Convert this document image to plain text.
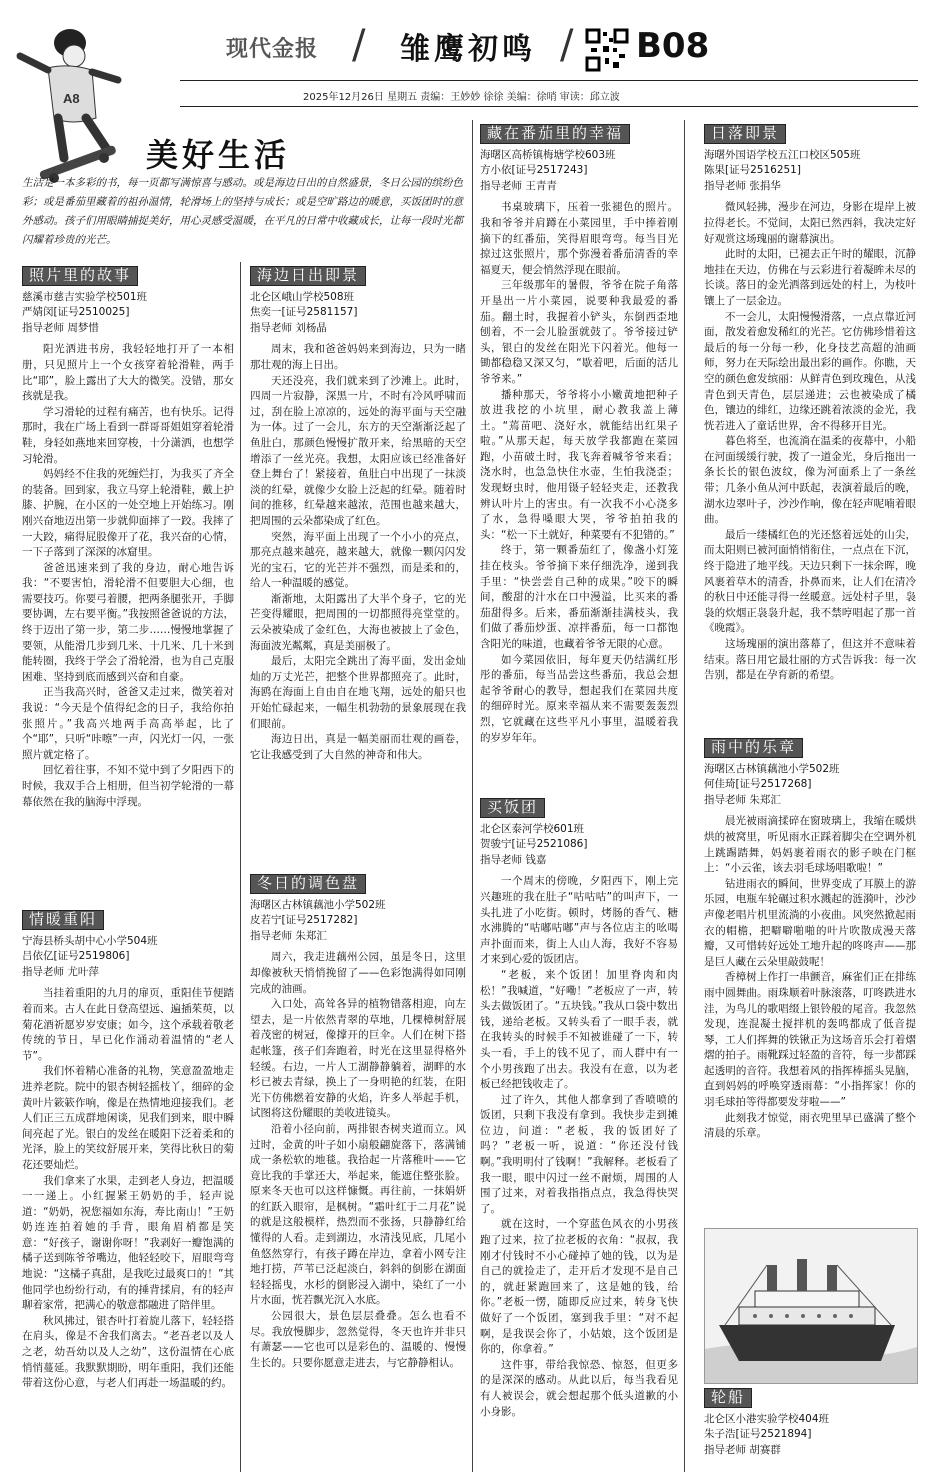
A8
现代金报 / 雏鹰初鸣 / B08
2025年12月26日 星期五 责编：王妙妙 徐徐 美编：徐哨 审读：邱立波
美好生活
生活是一本多彩的书，每一页都写满惊喜与感动。或是海边日出的自然盛景，冬日公园的缤纷色彩；或是番茄里藏着的祖孙温情，轮滑场上的坚持与成长；或是空旷路边的暖意，买饭团时的意外感动。孩子们用眼睛捕捉美好，用心灵感受温暖，在平凡的日常中收藏成长，让每一段时光都闪耀着珍贵的光芒。
照片里的故事
慈溪市慈吉实验学校501班
严婧闵[证号2510025]
指导老师 周梦惜

阳光洒进书房，我轻轻地打开了一本相册，只见照片上一个女孩穿着轮滑鞋，两手比“耶”，脸上露出了大大的微笑。没错，那女孩就是我。

学习滑轮的过程有痛苦，也有快乐。记得那时，我在广场上看到一群哥哥姐姐穿着轮滑鞋，身轻如燕地来回穿梭，十分潇洒，也想学习轮滑。

妈妈经不住我的死缠烂打，为我买了齐全的装备。回到家，我立马穿上轮滑鞋，戴上护膝、护腕，在小区的一处空地上开始练习。刚刚兴奋地迈出第一步就仰面摔了一跤。我摔了一大跤，痛得屁股像开了花，我兴奋的心情，一下子落到了深深的冰窟里。

爸爸迅速来到了我的身边，耐心地告诉我：“不要害怕，滑轮滑不但要胆大心细，也需要技巧。你要弓着腰，把两条腿张开，手脚要协调，左右要平衡。”我按照爸爸说的方法，终于迈出了第一步，第二步……慢慢地掌握了要领，从能滑几步到几米、十几米、几十米到能转圈，我终于学会了滑轮滑，也为自己克服困难、坚持到底而感到兴奋和自豪。

正当我高兴时，爸爸又走过来，微笑着对我说：“今天是个值得纪念的日子，我给你拍张照片。”我高兴地两手高高举起，比了个“耶”，只听“咔嚓”一声，闪光灯一闪，一张照片就定格了。

回忆着往事，不知不觉中到了夕阳西下的时候，我双手合上相册，但当初学轮滑的一幕幕依然在我的脑海中浮现。

情暖重阳
宁海县桥头胡中心小学504班
吕依亿[证号2519806]
指导老师 尤叶萍

当挂着重阳的九月的扉页，重阳佳节便踏着而来。古人在此日登高望远、遍插茱萸，以菊花酒祈愿岁岁安康；如今，这个承载着敬老传统的节日，早已化作涌动着温情的“老人节”。

我们怀着精心准备的礼物，笑意盈盈地走进养老院。院中的银杏树轻摇枝丫，细碎的金黄叶片簌簌作响，像是在热情地迎接我们。老人们正三五成群地闲谈，见我们到来，眼中瞬间亮起了光。银白的发丝在暖阳下泛着柔和的光泽，脸上的笑纹舒展开来，笑得比秋日的菊花还要灿烂。

我们拿来了水果，走到老人身边，把温暖一一递上。小红握紧王奶奶的手，轻声说道：“奶奶，祝您福如东海，寿比南山！”王奶奶连连拍着她的手背，眼角眉梢都是笑意：“好孩子，谢谢你呀！”我剥好一瓣饱满的橘子送到陈爷爷嘴边，他轻轻咬下，眉眼弯弯地说：“这橘子真甜，是我吃过最爽口的！”其他同学也纷纷行动，有的捶背揉肩，有的轻声聊着家常，把满心的敬意都融进了陪伴里。

秋风拂过，银杏叶打着旋儿落下，轻轻搭在肩头，像是不舍我们离去。“老吾老以及人之老，幼吾幼以及人之幼”，这份温情在心底悄悄蔓延。我默默期盼，明年重阳，我们还能带着这份心意，与老人们再赴一场温暖的约。

海边日出即景
北仑区峨山学校508班
焦奕一[证号2581157]
指导老师 刘杨晶

周末，我和爸爸妈妈来到海边，只为一睹那壮观的海上日出。

天还没亮，我们就来到了沙滩上。此时，四周一片寂静，深黑一片，不时有冷风呼啸而过，刮在脸上凉凉的，远处的海平面与天空融为一体。过了一会儿，东方的天空渐渐泛起了鱼肚白，那颜色慢慢扩散开来，给黑暗的天空增添了一丝光亮。我想，太阳应该已经准备好登上舞台了！紧接着，鱼肚白中出现了一抹淡淡的红晕，就像少女脸上泛起的红晕。随着时间的推移，红晕越来越浓，范围也越来越大，把周围的云朵都染成了红色。

突然，海平面上出现了一个小小的亮点，那亮点越来越亮，越来越大，就像一颗闪闪发光的宝石，它的光芒并不强烈，而是柔和的，给人一种温暖的感觉。

渐渐地，太阳露出了大半个身子，它的光芒变得耀眼，把周围的一切都照得亮堂堂的。云朵被染成了金红色，大海也被披上了金色，海面波光粼粼，真是美丽极了。

最后，太阳完全跳出了海平面，发出金灿灿的万丈光芒，把整个世界都照亮了。此时，海鸥在海面上自由自在地飞翔，远处的船只也开始忙碌起来，一幅生机勃勃的景象展现在我们眼前。

海边日出，真是一幅美丽而壮观的画卷，它让我感受到了大自然的神奇和伟大。

冬日的调色盘
海曙区古林镇藕池小学502班
皮若宁[证号2517282]
指导老师 朱郑汇

周六，我走进藕州公园，虽是冬日，这里却像被秋天悄悄挽留了——色彩饱满得如同刚完成的油画。

入口处，高耸各异的植物错落相迎，向左望去，是一片依然青翠的草地，几棵樟树舒展着茂密的树冠，像撑开的巨伞。人们在树下搭起帐篷，孩子们奔跑着，时光在这里显得格外轻缓。右边，一片人工湖静静躺着，湖畔的水杉已被去青绿，换上了一身明艳的红装，在阳光下仿佛燃着安静的火焰，许多人举起手机，试图将这份耀眼的美收进镜头。

沿着小径向前，两排银杏树夹道而立。风过时，金黄的叶子如小扇般翩旋落下，落满铺成一条松软的地毯。我拾起一片落稚叶——它竟比我的手掌还大，举起来，能遮住整张脸。原来冬天也可以这样慷慨。再往前，一抹娟妍的红跃入眼帘，是枫树。“霜叶红于二月花”说的就是这般模样，热烈而不张扬，只静静红给懂得的人看。走到湖边，水清浅见底，几尾小鱼悠然穿行，有孩子蹲在岸边，拿着小网专注地打捞，芦苇已泛起淡白，斜斜的倒影在湖面轻轻摇曳，水杉的倒影浸入湖中，染红了一小片水面，恍若飘光沉入水底。

公园很大，景色层层叠叠。怎么也看不尽。我放慢脚步，忽然觉得，冬天也许并非只有萧瑟——它也可以是彩色的、温暖的、慢慢生长的。只要你愿意走进去，与它静静相认。

藏在番茄里的幸福
海曙区高桥镇梅塘学校603班
方小依[证号2517243]
指导老师 王青青

书桌玻璃下，压着一张褪色的照片。我和爷爷并肩蹲在小菜园里，手中捧着刚摘下的红番茄，笑得眉眼弯弯。每当目光掠过这张照片，那个弥漫着番茄清香的幸福夏天，便会悄然浮现在眼前。

三年级那年的暑假，爷爷在院子角落开垦出一片小菜园，说要种我最爱的番茄。翻土时，我握着小铲头，东倒西歪地刨着，不一会儿脸蛋就鼓了。爷爷接过铲头，银白的发丝在阳光下闪着光。他每一锄都稳稳又深又匀，“歇着吧，后面的活儿爷爷来。”

播种那天，爷爷将小小嫩黄地把种子放进我挖的小坑里，耐心教我盖上薄土。“蔫苗吧、浇好水，就能结出红果子啦。”从那天起，每天放学我都跑在菜园跑，小苗破土时，我飞奔着喊爷爷来看；浇水时，也急急快住水壶，生怕我浇歪；发现蚜虫时，他用镊子轻轻夹走，还教我辨认叶片上的害虫。有一次我不小心浇多了水，急得嗓眼大哭，爷爷拍拍我的头：“松一下土就好，种菜要有不犯错的。”

终于，第一颗番茄红了，像盏小灯笼挂在枝头。爷爷摘下来仔细洗净，递到我手里：“快尝尝自己种的成果。”咬下的瞬间，酸甜的汁水在口中漫溢，比买来的番茄甜得多。后来，番茄渐渐挂满枝头，我们做了番茄炒蛋、凉拌番茄，每一口都饱含阳光的味道，也藏着爷爷无限的心意。

如今菜园依旧，每年夏天仍结满红彤彤的番茄，每当品尝这些番茄，我总会想起爷爷耐心的教导，想起我们在菜园共度的细碎时光。原来幸福从来不需要轰轰烈烈，它就藏在这些平凡小事里，温暖着我的岁岁年年。

买饭团
北仑区泰河学校601班
贺骏宁[证号2521086]
指导老师 钱嘉

一个周末的傍晚，夕阳西下，刚上完兴趣班的我在肚子“咕咕咕”的叫声下，一头扎进了小吃街。顿时，烤肠的香气、糖水沸腾的“咕嘟咕嘟”声与各位店主的吆喝声扑面而来，街上人山人海，我好不容易才来到心爱的饭团店。

“老板，来个饭团！加里脊肉和肉松！”我喊道，“好嘞！”老板应了一声，转头去做饭团了。“五块钱。”我从口袋中数出钱，递给老板。又转头看了一眼手表，就在我转头的时候手不知被谁碰了一下，转头一看，手上的钱不见了，而人群中有一个小男孩跑了出去。我没有在意，以为老板已经把钱收走了。

过了许久，其他人都拿到了香喷喷的饭团，只剩下我没有拿到。我快步走到摊位边，问道：“老板，我的饭团好了吗？”老板一听，说道：“你还没付钱啊。”我明明付了钱啊！”我解释。老板看了我一眼，眼中闪过一丝不耐烦，周围的人围了过来，对着我指指点点，我急得快哭了。

就在这时，一个穿蓝色风衣的小男孩跑了过来，拉了拉老板的衣角：“叔叔，我刚才付钱时不小心碰掉了她的钱，以为是自己的就捡走了，走开后才发现不是自己的，就赶紧跑回来了，这是她的钱，给你。”老板一愣，随即反应过来，转身飞快做好了一个饭团，塞到我手里：“对不起啊，是我误会你了，小姑娘，这个饭团是你的，你拿着。”

这件事，带给我惊恐、惊怒，但更多的是深深的感动。从此以后，每当我看见有人被误会，就会想起那个低头道歉的小小身影。

日落即景
海曙外国语学校五江口校区505班
陈果[证号2516251]
指导老师 张捐华

微风轻拂，漫步在河边，身影在堤岸上被拉得老长。不觉间，太阳已然西斜，我决定好好观赏这场瑰丽的谢幕演出。

此时的太阳，已褪去正午时的耀眼，沉静地挂在天边，仿佛在与云彩进行着凝眸未尽的长谈。落日的金光洒落到远处的村上，为枝叶镶上了一层金边。

不一会儿，太阳慢慢滑落，一点点靠近河面，散发着愈发稀红的光芒。它仿佛珍惜着这最后的每一分每一秒，化身技艺高超的油画师，努力在天际绘出最出彩的画作。你瞧，天空的颜色愈发缤丽：从鲜青色到玫瑰色，从浅青色到天青色，层层递进；云也被染成了橘色，镶边的绯红，边缘还跳着浓淡的金光，我恍若进入了童话世界，舍不得移开目光。

暮色将至，也流淌在温柔的夜幕中，小船在河面缓缓行驶，拨了一道金光，身后拖出一条长长的银色波纹，像为河面系上了一条丝带；几条小鱼从河中跃起，表演着最后的晚，湖水边翠叶子，沙沙作响，像在轻声呢喃着眼曲。

最后一缕橘红色的光还悠着远处的山尖，而太阳则已被河面悄悄衔住，一点点在下沉，终于隐进了地平线。天边只剩下一抹余晖，晚风裹着草木的清香，扑鼻而来，让人们在清冷的秋日中还能寻得一丝暖意。远处村子里，袅袅的炊烟正袅袅升起，我不禁哼唱起了那一首《晚霞》。

这场瑰丽的演出落幕了，但这并不意味着结束。落日用它最壮丽的方式告诉我：每一次告别，都是在孕育新的希望。

雨中的乐章
海曙区古林镇藕池小学502班
何佳琦[证号2517268]
指导老师 朱郑汇

晨光被雨滴揉碎在窗玻璃上，我缩在暖烘烘的被窝里，听见雨水正踩着脚尖在空调外机上跳踢踏舞，妈妈裹着雨衣的影子映在门框上：“小云雀，该去羽毛球场唱歌啦！”

钻进雨衣的瞬间，世界变成了耳膜上的游乐园，电瓶车轮碾过积水溅起的涟漪叶，沙沙声像老唱片机里流淌的小夜曲。风突然掀起雨衣的帽檐，把噼噼啪啪的叶片吹散成漫天落瓣，又可惜转好远处工地升起的咚咚声——那是巨人藏在云朵里敲鼓呢！

香樟树上作打一串颤音，麻雀们正在排练雨中圆舞曲。雨珠顺着叶脉滚落，叮咚跌进水洼，为鸟儿的歌唱缀上银铃般的尾音。我忽然发现，连混凝土搅拌机的轰鸣都成了低音提琴，工人们挥舞的铁锹正为这场音乐会打着熠熠的拍子。雨靴踩过轻盈的音符，每一步都踩起透明的音符。我想着风的指挥棒摇头晃脑，直到妈妈的呼唤穿透雨幕：“小指挥家！你的羽毛球拍等得都要发芽啦——”

此刻我才惊觉，雨衣兜里早已盛满了整个清晨的乐章。

轮船
北仑区小港实验学校404班
朱子浩[证号2521894]
指导老师 胡赛群
